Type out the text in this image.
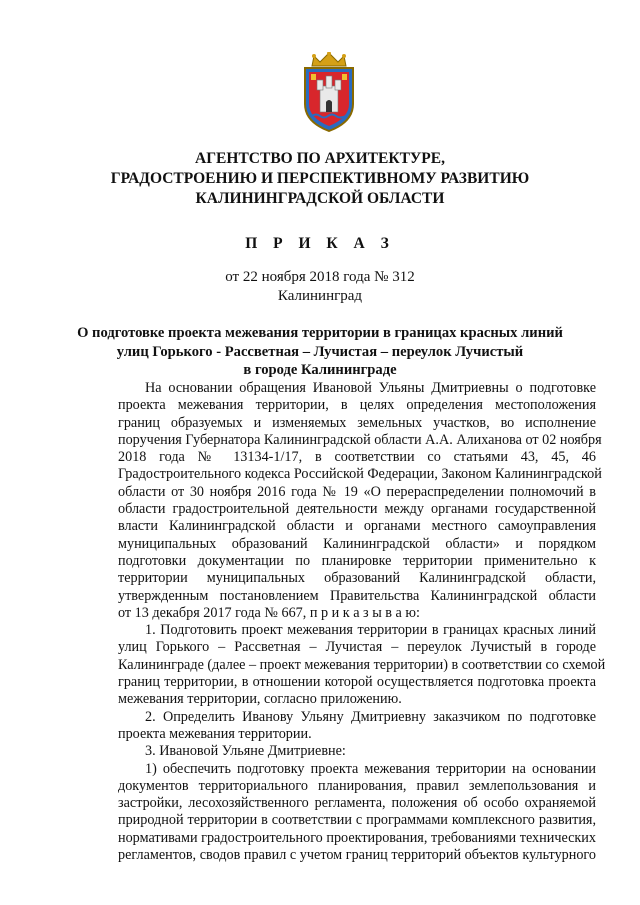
АГЕНТСТВО ПО АРХИТЕКТУРЕ,
ГРАДОСТРОЕНИЮ И ПЕРСПЕКТИВНОМУ РАЗВИТИЮ
КАЛИНИНГРАДСКОЙ ОБЛАСТИ
П Р И К А З
от 22 ноября 2018 года № 312
Калининград
О подготовке проекта межевания территории в границах красных линий
улиц Горького - Рассветная – Лучистая – переулок Лучистый
в городе Калининграде
На основании обращения Ивановой Ульяны Дмитриевны о подготовке
проекта межевания территории, в целях определения местоположения
границ образуемых и изменяемых земельных участков, во исполнение
поручения Губернатора Калининградской области А.А. Алиханова от 02 ноября
2018 года № 13134-1/17, в соответствии со статьями 43, 45, 46
Градостроительного кодекса Российской Федерации, Законом Калининградской
области от 30 ноября 2016 года № 19 «О перераспределении полномочий в
области градостроительной деятельности между органами государственной
власти Калининградской области и органами местного самоуправления
муниципальных образований Калининградской области» и порядком
подготовки документации по планировке территории применительно к
территории муниципальных образований Калининградской области,
утвержденным постановлением Правительства Калининградской области
от 13 декабря 2017 года № 667, п р и к а з ы в а ю:
1. Подготовить проект межевания территории в границах красных линий
улиц Горького – Рассветная – Лучистая – переулок Лучистый в городе
Калининграде (далее – проект межевания территории) в соответствии со схемой
границ территории, в отношении которой осуществляется подготовка проекта
межевания территории, согласно приложению.
2. Определить Иванову Ульяну Дмитриевну заказчиком по подготовке
проекта межевания территории.
3. Ивановой Ульяне Дмитриевне:
1) обеспечить подготовку проекта межевания территории на основании
документов территориального планирования, правил землепользования и
застройки, лесохозяйственного регламента, положения об особо охраняемой
природной территории в соответствии с программами комплексного развития,
нормативами градостроительного проектирования, требованиями технических
регламентов, сводов правил с учетом границ территорий объектов культурного
